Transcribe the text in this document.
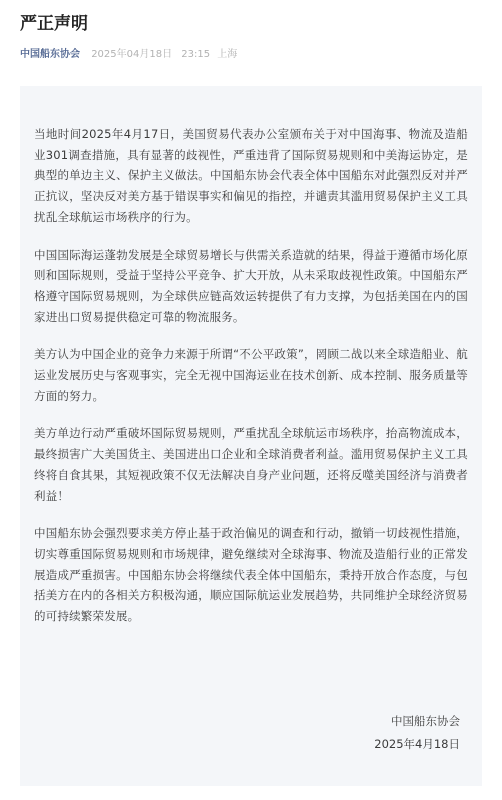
严正声明
中国船东协会 2025年04月18日 23:15 上海

当地时间2025年4月17日，美国贸易代表办公室颁布关于对中国海事、物流及造船业301调查措施，具有显著的歧视性，严重违背了国际贸易规则和中美海运协定，是典型的单边主义、保护主义做法。中国船东协会代表全体中国船东对此强烈反对并严正抗议，坚决反对美方基于错误事实和偏见的指控，并谴责其滥用贸易保护主义工具扰乱全球航运市场秩序的行为。

中国国际海运蓬勃发展是全球贸易增长与供需关系造就的结果，得益于遵循市场化原则和国际规则，受益于坚持公平竞争、扩大开放，从未采取歧视性政策。中国船东严格遵守国际贸易规则，为全球供应链高效运转提供了有力支撑，为包括美国在内的国家进出口贸易提供稳定可靠的物流服务。

美方认为中国企业的竞争力来源于所谓“不公平政策”，罔顾二战以来全球造船业、航运业发展历史与客观事实，完全无视中国海运业在技术创新、成本控制、服务质量等方面的努力。

美方单边行动严重破坏国际贸易规则，严重扰乱全球航运市场秩序，抬高物流成本，最终损害广大美国货主、美国进出口企业和全球消费者利益。滥用贸易保护主义工具终将自食其果，其短视政策不仅无法解决自身产业问题，还将反噬美国经济与消费者利益！

中国船东协会强烈要求美方停止基于政治偏见的调查和行动，撤销一切歧视性措施，切实尊重国际贸易规则和市场规律，避免继续对全球海事、物流及造船行业的正常发展造成严重损害。中国船东协会将继续代表全体中国船东，秉持开放合作态度，与包括美方在内的各相关方积极沟通，顺应国际航运业发展趋势，共同维护全球经济贸易的可持续繁荣发展。

中国船东协会
2025年4月18日
